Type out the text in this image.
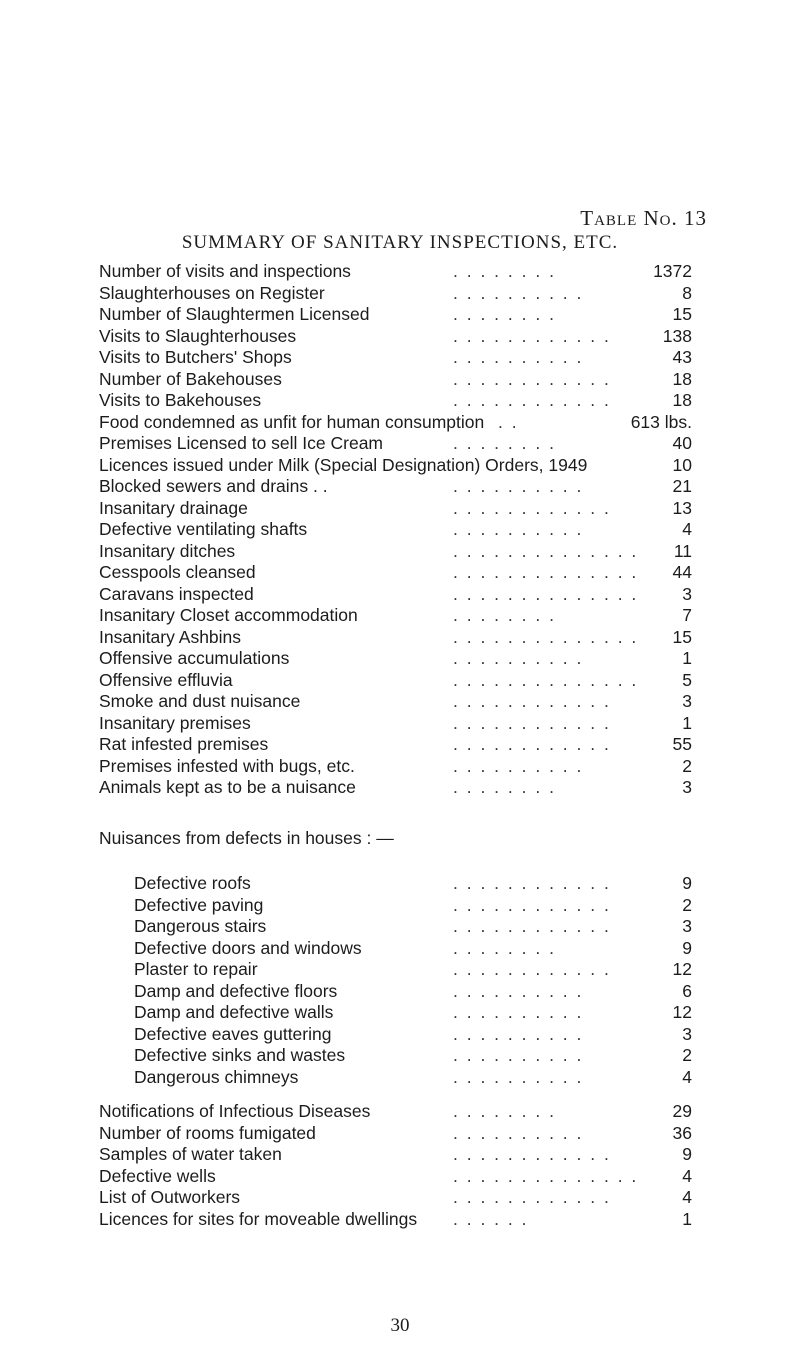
Table No. 13
SUMMARY OF SANITARY INSPECTIONS, ETC.
Number of visits and inspections	. . . . . . . .	1372
Slaughterhouses on Register	. . . . . . . . . .	8
Number of Slaughtermen Licensed	. . . . . . . .	15
Visits to Slaughterhouses	. . . . . . . . . . . .	138
Visits to Butchers' Shops	. . . . . . . . . .	43
Number of Bakehouses	. . . . . . . . . . . .	18
Visits to Bakehouses	. . . . . . . . . . . .	18
Food condemned as unfit for human consumption . .	613 lbs.
Premises Licensed to sell Ice Cream	. . . . . . . .	40
Licences issued under Milk (Special Designation) Orders, 1949	10
Blocked sewers and drains . .	. . . . . . . . . .	21
Insanitary drainage	. . . . . . . . . . . .	13
Defective ventilating shafts	. . . . . . . . . .	4
Insanitary ditches	. . . . . . . . . . . . . . 11
Cesspools cleansed	. . . . . . . . . . . . . . 44
Caravans inspected	. . . . . . . . . . . . . .	3
Insanitary Closet accommodation	. . . . . . . .	7
Insanitary Ashbins	. . . . . . . . . . . . . . 15
Offensive accumulations	. . . . . . . . . .	1
Offensive effluvia	. . . . . . . . . . . . . .	5
Smoke and dust nuisance	. . . . . . . . . . . .	3
Insanitary premises	. . . . . . . . . . . .	1
Rat infested premises	. . . . . . . . . . . .	55
Premises infested with bugs, etc.	. . . . . . . . . .	2
Animals kept as to be a nuisance	. . . . . . . .	3
Defective roofs	. . . . . . . . . . . .	9
Defective paving	. . . . . . . . . . . .	2
Dangerous stairs	. . . . . . . . . . . .	3
Defective doors and windows	. . . . . . . .	9
Plaster to repair	. . . . . . . . . . . .	12
Damp and defective floors	. . . . . . . . . .	6
Damp and defective walls	. . . . . . . . . .	12
Defective eaves guttering	. . . . . . . . . .	3
Defective sinks and wastes	. . . . . . . . . .	2
Dangerous chimneys	. . . . . . . . . .	4
Notifications of Infectious Diseases	. . . . . . . .	29
Number of rooms fumigated	. . . . . . . . . .	36
Samples of water taken	. . . . . . . . . . . .	9
Defective wells	. . . . . . . . . . . . . .	4
List of Outworkers	. . . . . . . . . . . .	4
Licences for sites for moveable dwellings . . . . . .	1
Nuisances from defects in houses : —
30
